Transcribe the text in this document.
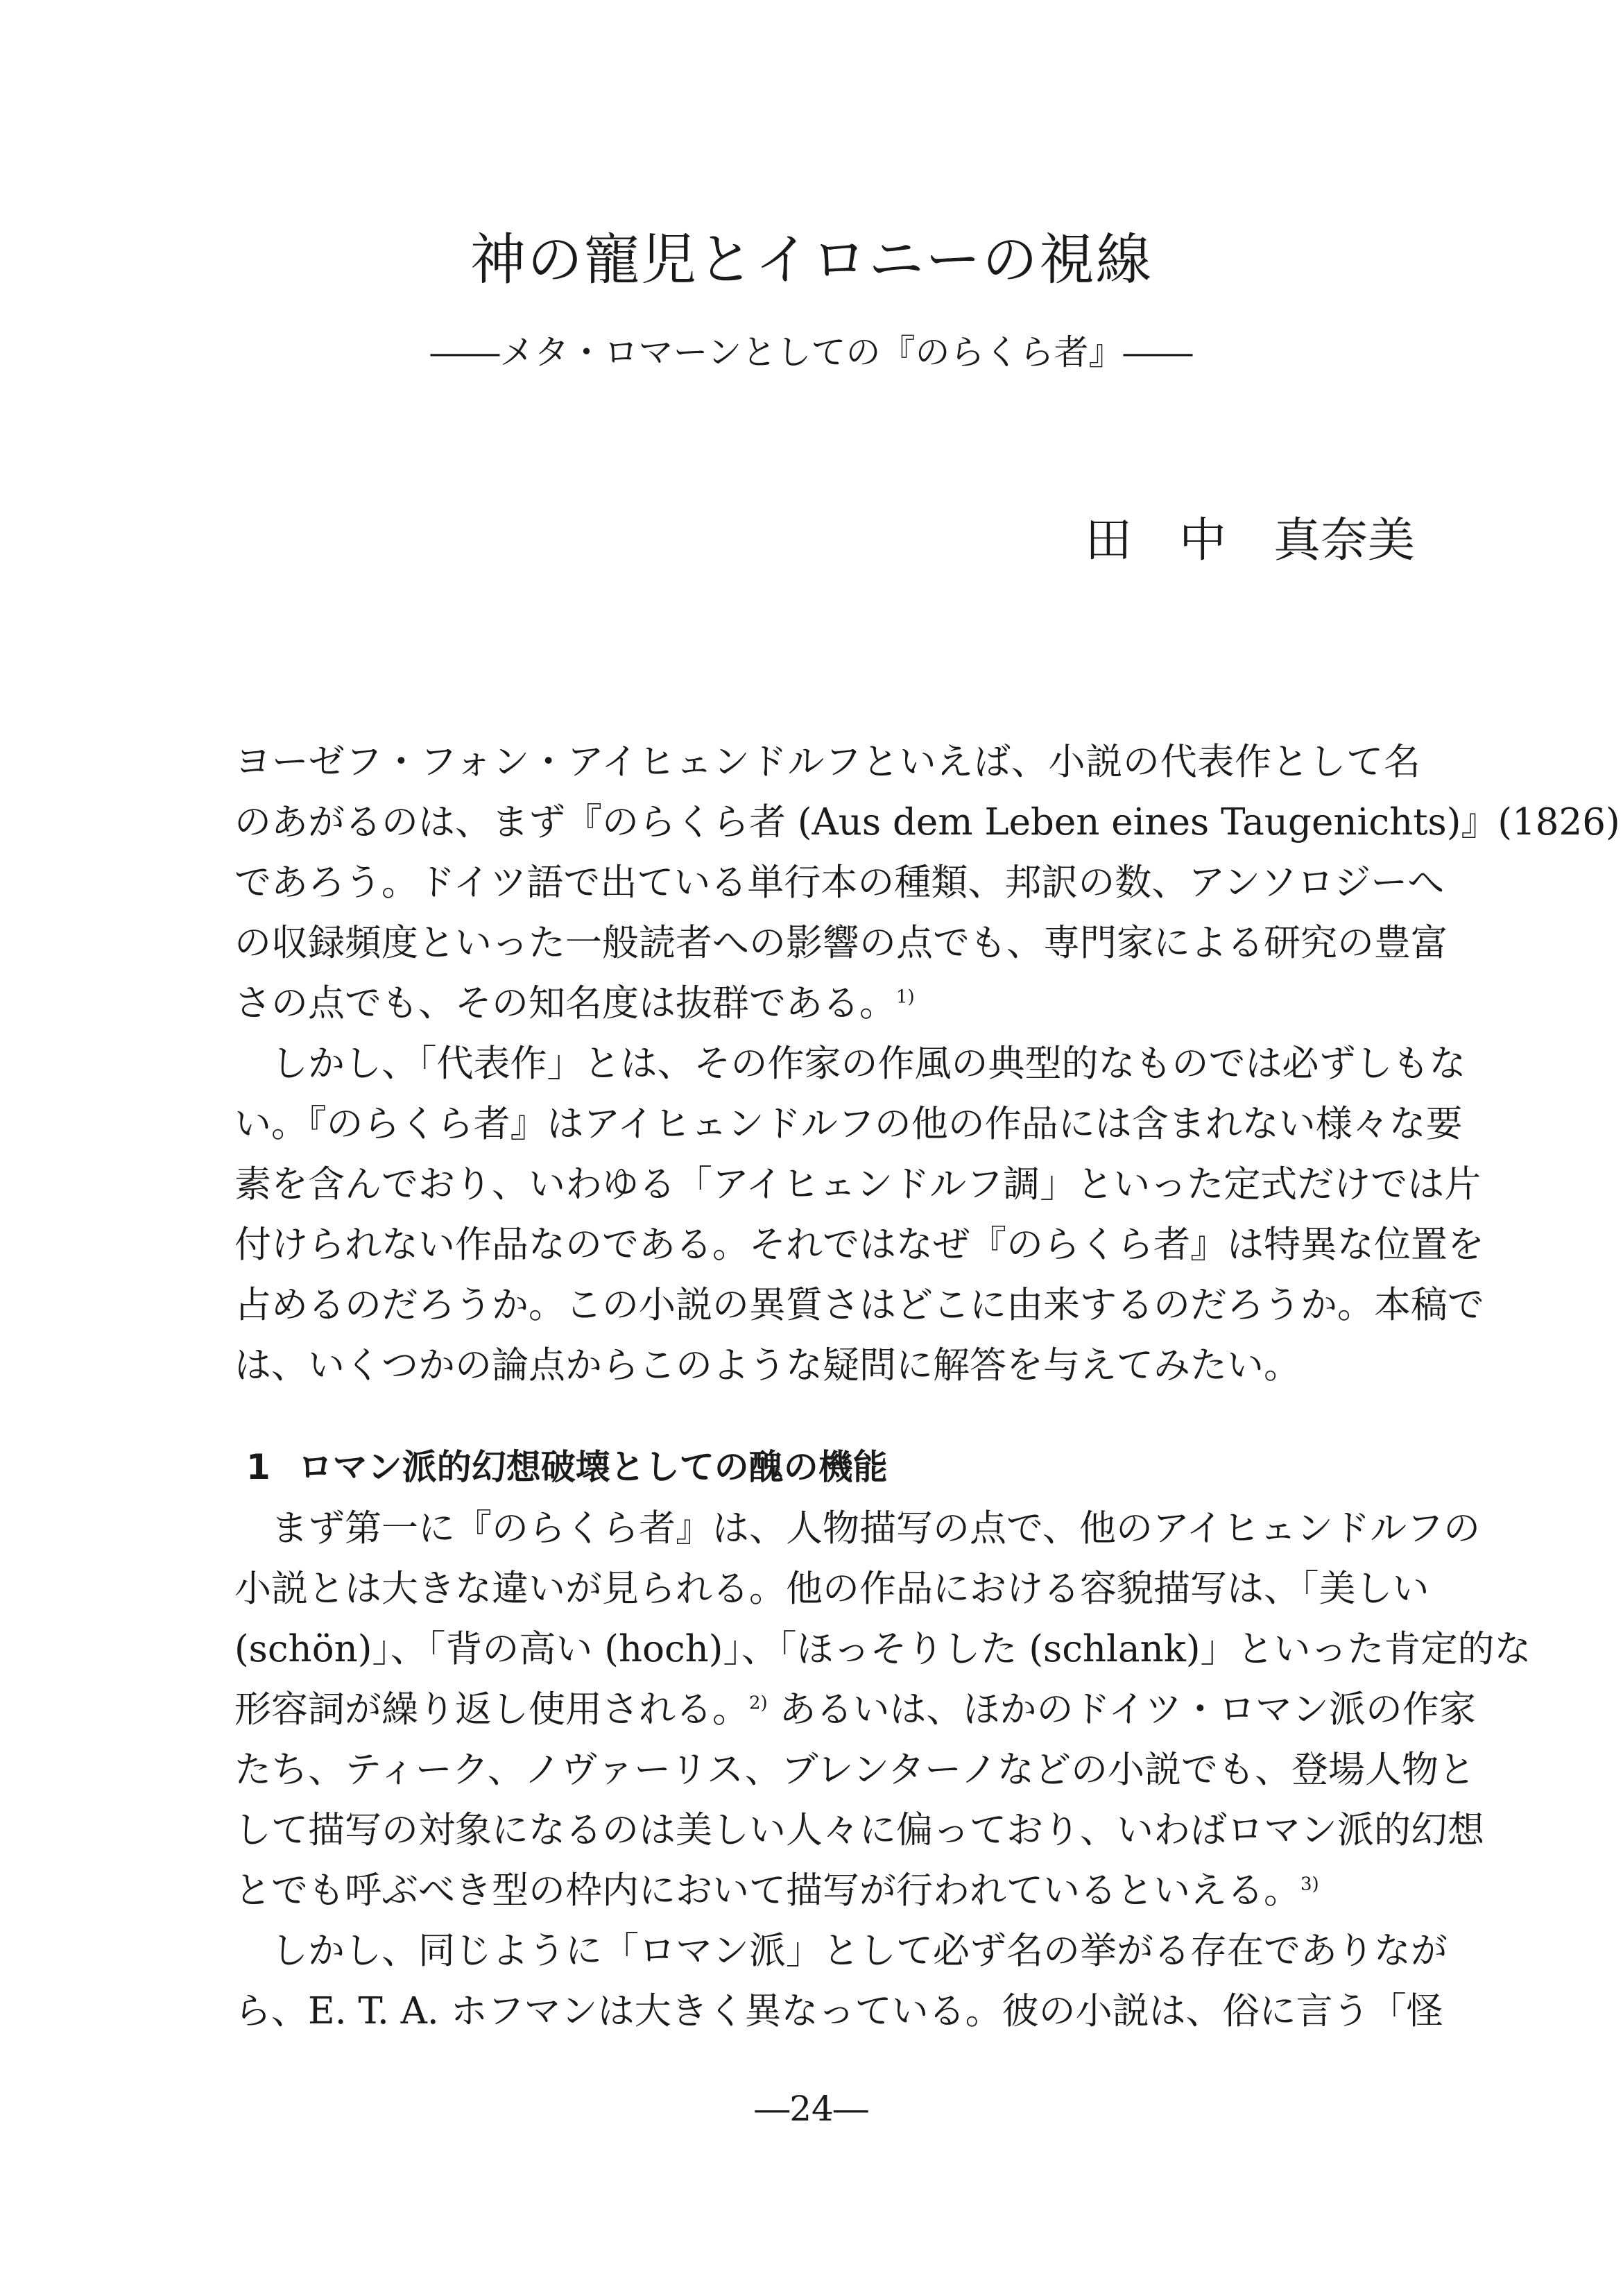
神の寵児とイロニーの視線
――メタ・ロマーンとしての『のらくら者』――
田　中　真奈美
ヨーゼフ・フォン・アイヒェンドルフといえば、小説の代表作として名
のあがるのは、まず『のらくら者 (Aus dem Leben eines Taugenichts)』(1826)
であろう。ドイツ語で出ている単行本の種類、邦訳の数、アンソロジーへ
の収録頻度といった一般読者への影響の点でも、専門家による研究の豊富
さの点でも、その知名度は抜群である。$^{1)}$
　しかし、「代表作」とは、その作家の作風の典型的なものでは必ずしもな
い。『のらくら者』はアイヒェンドルフの他の作品には含まれない様々な要
素を含んでおり、いわゆる「アイヒェンドルフ調」といった定式だけでは片
付けられない作品なのである。それではなぜ『のらくら者』は特異な位置を
占めるのだろうか。この小説の異質さはどこに由来するのだろうか。本稿で
は、いくつかの論点からこのような疑問に解答を与えてみたい。
1 ロマン派的幻想破壊としての醜の機能
　まず第一に『のらくら者』は、人物描写の点で、他のアイヒェンドルフの
小説とは大きな違いが見られる。他の作品における容貌描写は、「美しい
(schön)」、「背の高い (hoch)」、「ほっそりした (schlank)」といった肯定的な
形容詞が繰り返し使用される。$^{2)}$ あるいは、ほかのドイツ・ロマン派の作家
たち、ティーク、ノヴァーリス、ブレンターノなどの小説でも、登場人物と
して描写の対象になるのは美しい人々に偏っており、いわばロマン派的幻想
とでも呼ぶべき型の枠内において描写が行われているといえる。$^{3)}$
　しかし、同じように「ロマン派」として必ず名の挙がる存在でありなが
ら、E. T. A. ホフマンは大きく異なっている。彼の小説は、俗に言う「怪
―24―
